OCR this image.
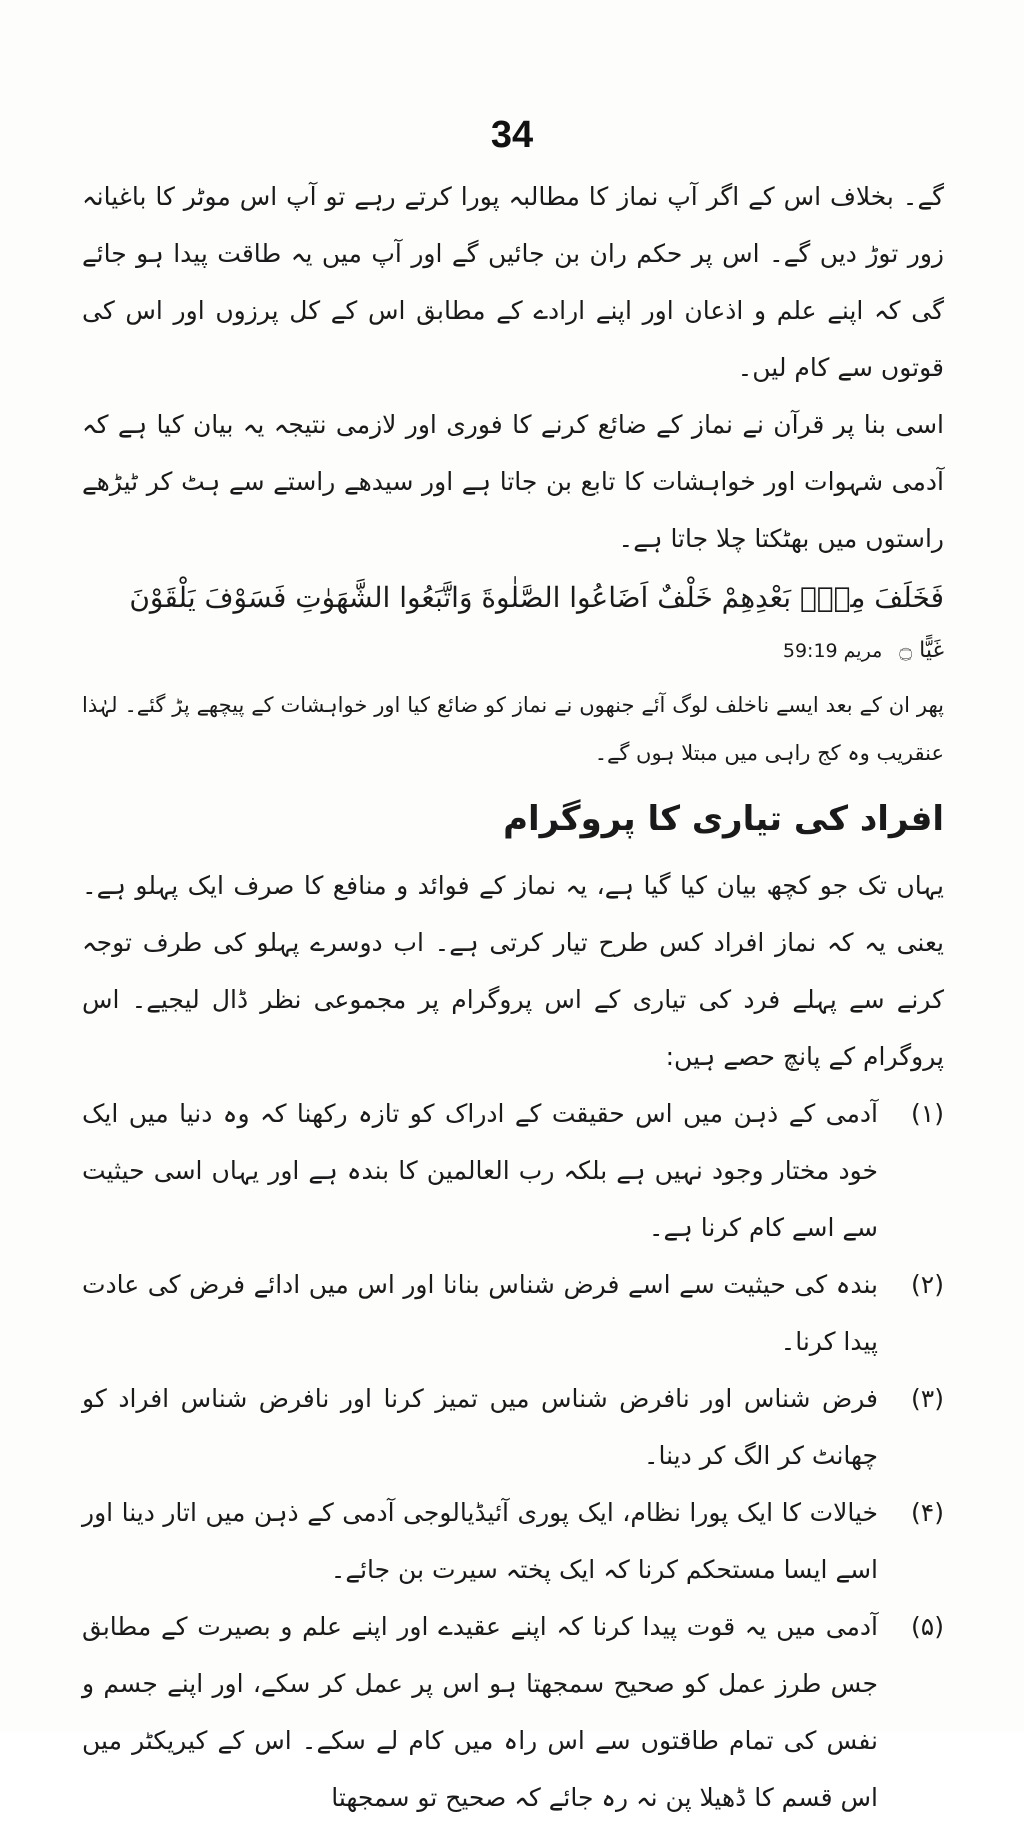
34

گے۔ بخلاف اس کے اگر آپ نماز کا مطالبہ پورا کرتے رہے تو آپ اس موٹر کا باغیانہ زور توڑ دیں گے۔ اس پر حکم ران بن جائیں گے اور آپ میں یہ طاقت پیدا ہو جائے گی کہ اپنے علم و اذعان اور اپنے ارادے کے مطابق اس کے کل پرزوں اور اس کی قوتوں سے کام لیں۔

اسی بنا پر قرآن نے نماز کے ضائع کرنے کا فوری اور لازمی نتیجہ یہ بیان کیا ہے کہ آدمی شہوات اور خواہشات کا تابع بن جاتا ہے اور سیدھے راستے سے ہٹ کر ٹیڑھے راستوں میں بھٹکتا چلا جاتا ہے۔

فَخَلَفَ مِنْۢ بَعْدِهِمْ خَلْفٌ اَضَاعُوا الصَّلٰوةَ وَاتَّبَعُوا الشَّهَوٰتِ فَسَوْفَ يَلْقَوْنَ

غَيًّا ۝ مریم 59:19

پھر ان کے بعد ایسے ناخلف لوگ آئے جنھوں نے نماز کو ضائع کیا اور خواہشات کے پیچھے پڑ گئے۔ لہٰذا عنقریب وہ کج راہی میں مبتلا ہوں گے۔

افراد کی تیاری کا پروگرام

یہاں تک جو کچھ بیان کیا گیا ہے، یہ نماز کے فوائد و منافع کا صرف ایک پہلو ہے۔ یعنی یہ کہ نماز افراد کس طرح تیار کرتی ہے۔ اب دوسرے پہلو کی طرف توجہ کرنے سے پہلے فرد کی تیاری کے اس پروگرام پر مجموعی نظر ڈال لیجیے۔ اس پروگرام کے پانچ حصے ہیں:

(۱)
آدمی کے ذہن میں اس حقیقت کے ادراک کو تازہ رکھنا کہ وہ دنیا میں ایک خود مختار وجود نہیں ہے بلکہ رب العالمین کا بندہ ہے اور یہاں اسی حیثیت سے اسے کام کرنا ہے۔
(۲)
بندہ کی حیثیت سے اسے فرض شناس بنانا اور اس میں ادائے فرض کی عادت پیدا کرنا۔
(۳)
فرض شناس اور نافرض شناس میں تمیز کرنا اور نافرض شناس افراد کو چھانٹ کر الگ کر دینا۔
(۴)
خیالات کا ایک پورا نظام، ایک پوری آئیڈیالوجی آدمی کے ذہن میں اتار دینا اور اسے ایسا مستحکم کرنا کہ ایک پختہ سیرت بن جائے۔
(۵)
آدمی میں یہ قوت پیدا کرنا کہ اپنے عقیدے اور اپنے علم و بصیرت کے مطابق جس طرز عمل کو صحیح سمجھتا ہو اس پر عمل کر سکے، اور اپنے جسم و نفس کی تمام طاقتوں سے اس راہ میں کام لے سکے۔ اس کے کیریکٹر میں اس قسم کا ڈھیلا پن نہ رہ جائے کہ صحیح تو سمجھتا
